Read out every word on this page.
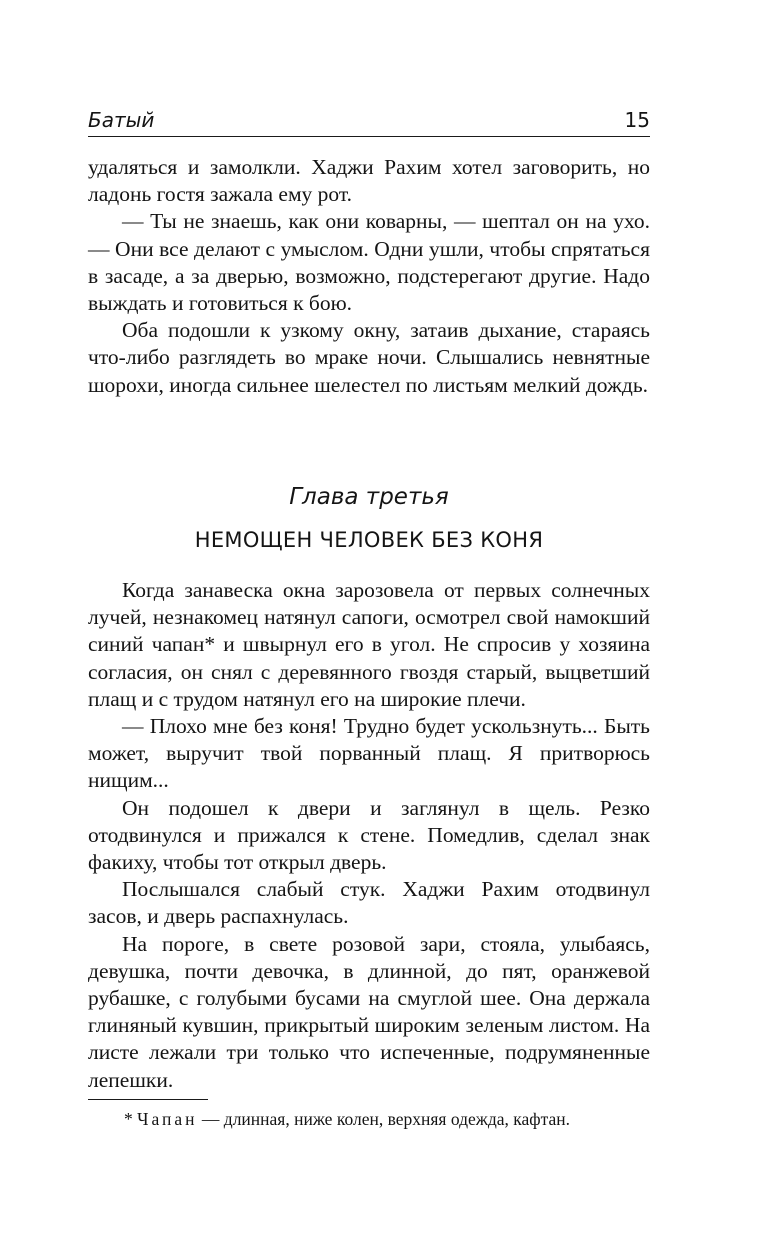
Батый	15

удаляться и замолкли. Хаджи Рахим хотел заговорить, но ладонь гостя зажала ему рот.

— Ты не знаешь, как они коварны, — шептал он на ухо. — Они все делают с умыслом. Одни ушли, чтобы спрятаться в засаде, а за дверью, возможно, подстерегают другие. Надо выждать и готовиться к бою.

Оба подошли к узкому окну, затаив дыхание, стараясь что-либо разглядеть во мраке ночи. Слышались невнятные шорохи, иногда сильнее шелестел по листьям мелкий дождь.

Глава третья
НЕМОЩЕН ЧЕЛОВЕК БЕЗ КОНЯ

Когда занавеска окна зарозовела от первых солнечных лучей, незнакомец натянул сапоги, осмотрел свой намокший синий чапан* и швырнул его в угол. Не спросив у хозяина согласия, он снял с деревянного гвоздя старый, выцветший плащ и с трудом натянул его на широкие плечи.

— Плохо мне без коня! Трудно будет ускользнуть... Быть может, выручит твой порванный плащ. Я притворюсь нищим...

Он подошел к двери и заглянул в щель. Резко отодвинулся и прижался к стене. Помедлив, сделал знак факиху, чтобы тот открыл дверь.

Послышался слабый стук. Хаджи Рахим отодвинул засов, и дверь распахнулась.

На пороге, в свете розовой зари, стояла, улыбаясь, девушка, почти девочка, в длинной, до пят, оранжевой рубашке, с голубыми бусами на смуглой шее. Она держала глиняный кувшин, прикрытый широким зеленым листом. На листе лежали три только что испеченные, подрумяненные лепешки.

* Чапан — длинная, ниже колен, верхняя одежда, кафтан.
